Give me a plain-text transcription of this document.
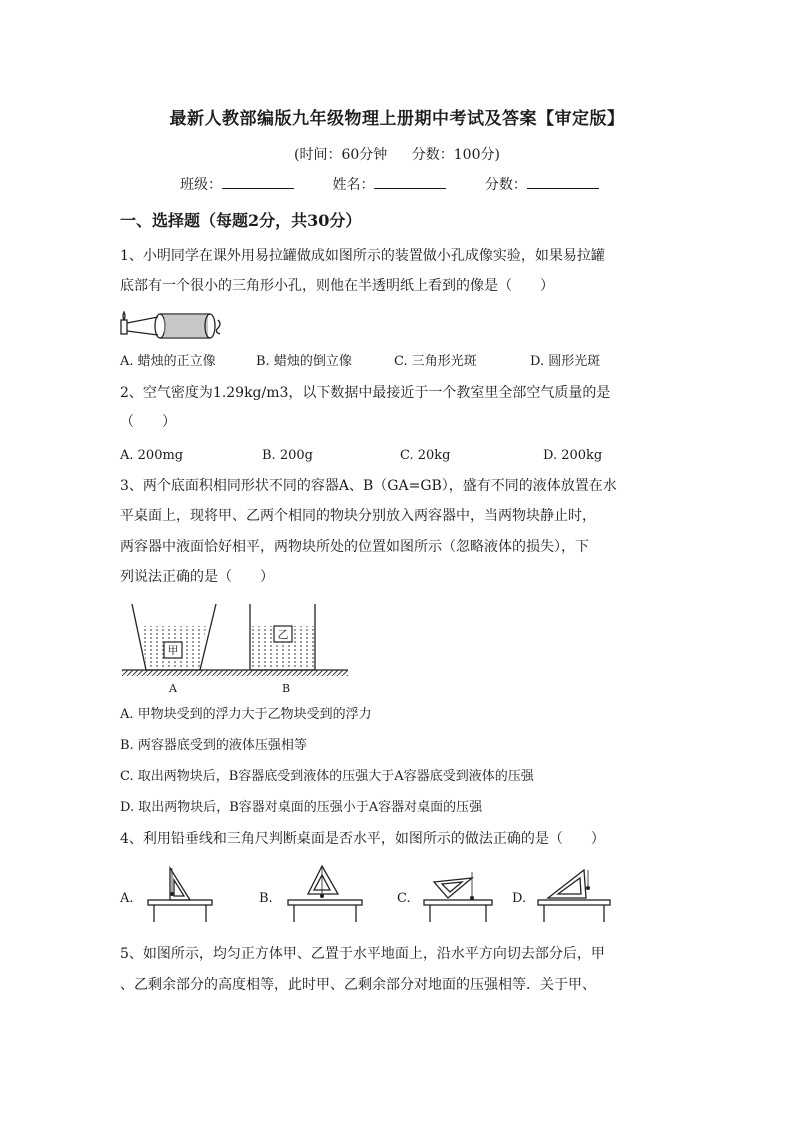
最新人教部编版九年级物理上册期中考试及答案【审定版】
(时间：60分钟 分数：100分)
班级：	姓名：	分数：
一、选择题（每题2分，共30分）
1、小明同学在课外用易拉罐做成如图所示的装置做小孔成像实验，如果易拉罐
底部有一个很小的三角形小孔，则他在半透明纸上看到的像是（　　）
A. 蜡烛的正立像	B. 蜡烛的倒立像	C. 三角形光斑	D. 圆形光斑
2、空气密度为1.29kg/m3，以下数据中最接近于一个教室里全部空气质量的是
（　　）
A. 200mg	B. 200g	C. 20kg	D. 200kg
3、两个底面积相同形状不同的容器A、B（GA=GB），盛有不同的液体放置在水
平桌面上，现将甲、乙两个相同的物块分别放入两容器中，当两物块静止时，
两容器中液面恰好相平，两物块所处的位置如图所示（忽略液体的损失），下
列说法正确的是（　　）
甲
乙
A	B
A. 甲物块受到的浮力大于乙物块受到的浮力
B. 两容器底受到的液体压强相等
C. 取出两物块后，B容器底受到液体的压强大于A容器底受到液体的压强
D. 取出两物块后，B容器对桌面的压强小于A容器对桌面的压强
4、利用铅垂线和三角尺判断桌面是否水平，如图所示的做法正确的是（　　）
A.	B.	C.	D.
5、如图所示，均匀正方体甲、乙置于水平地面上，沿水平方向切去部分后，甲
、乙剩余部分的高度相等，此时甲、乙剩余部分对地面的压强相等．关于甲、
